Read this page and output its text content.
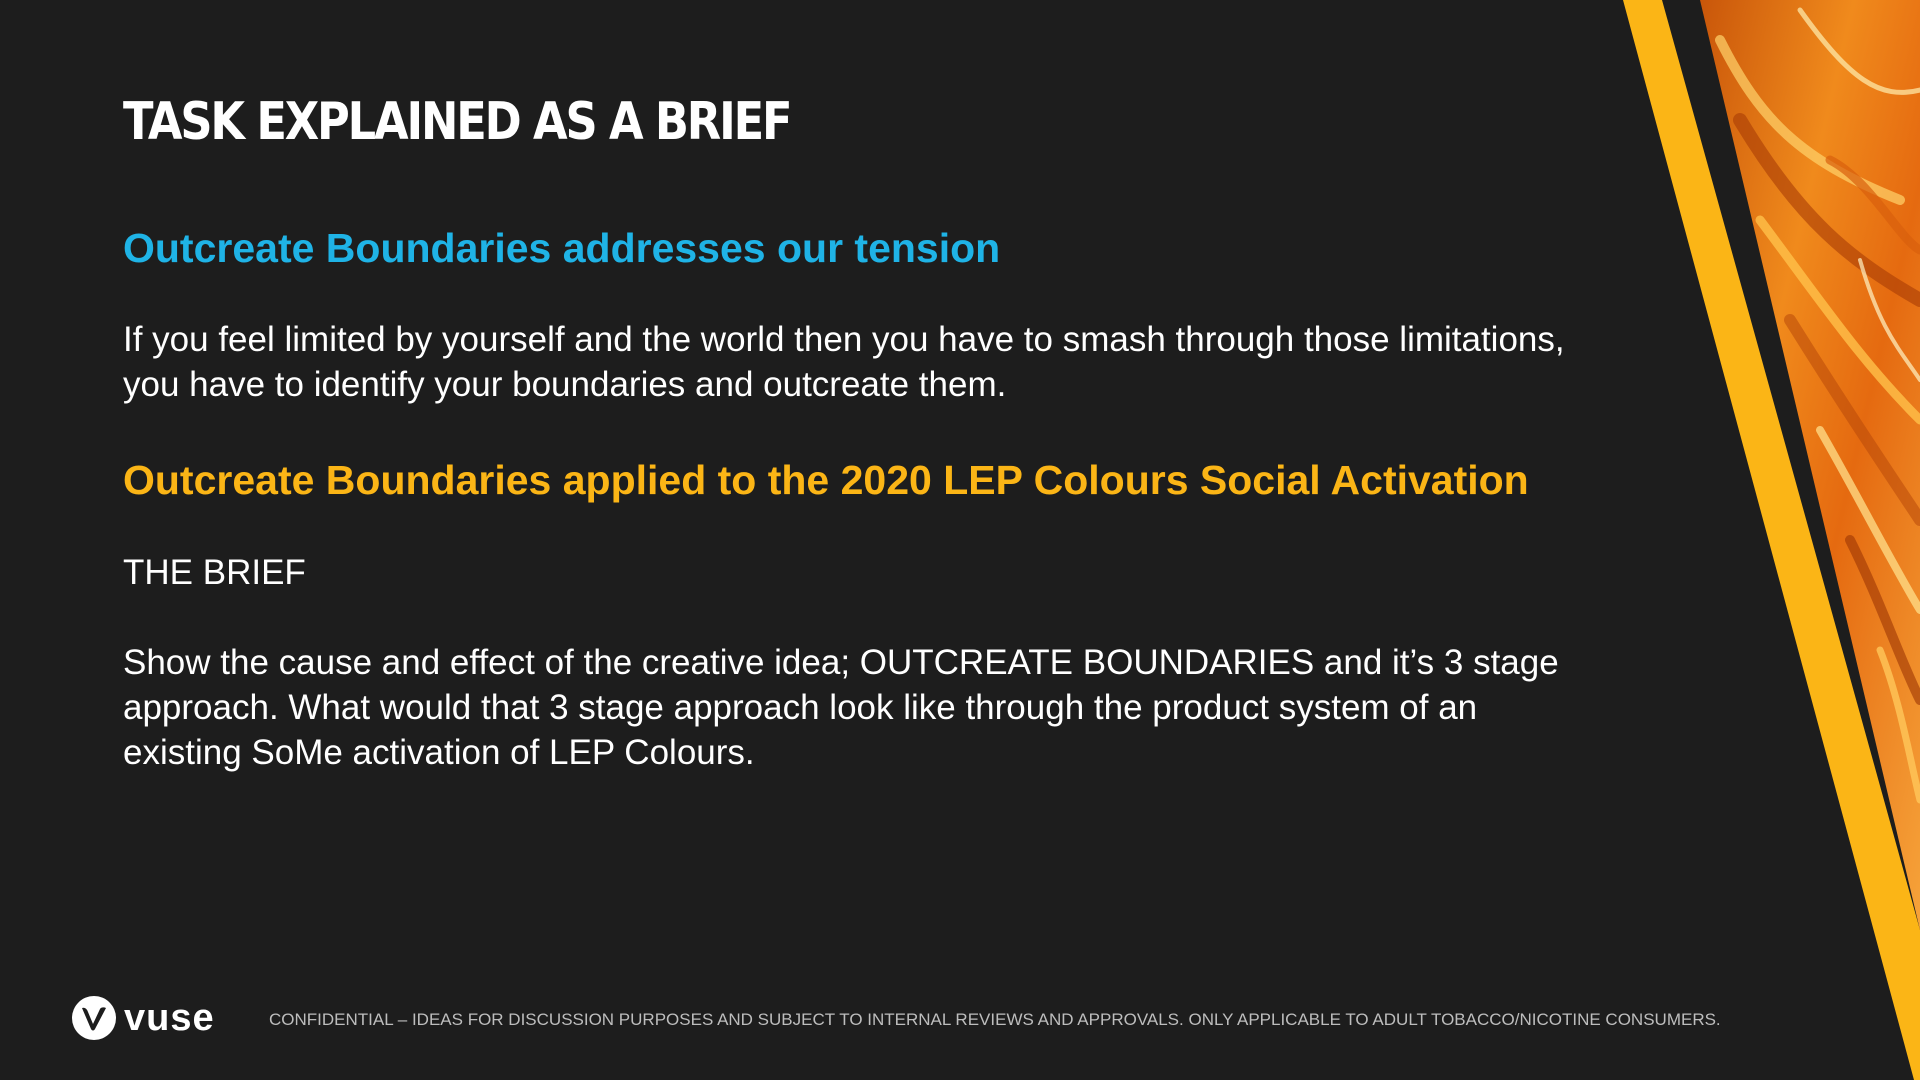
TASK EXPLAINED AS A BRIEF
Outcreate Boundaries addresses our tension

If you feel limited by yourself and the world then you have to smash through those limitations,
you have to identify your boundaries and outcreate them.

Outcreate Boundaries applied to the 2020 LEP Colours Social Activation

THE BRIEF

Show the cause and effect of the creative idea; OUTCREATE BOUNDARIES and it’s 3 stage
approach. What would that 3 stage approach look like through the product system of an
existing SoMe activation of LEP Colours.

vuse	CONFIDENTIAL – IDEAS FOR DISCUSSION PURPOSES AND SUBJECT TO INTERNAL REVIEWS AND APPROVALS. ONLY APPLICABLE TO ADULT TOBACCO/NICOTINE CONSUMERS.
